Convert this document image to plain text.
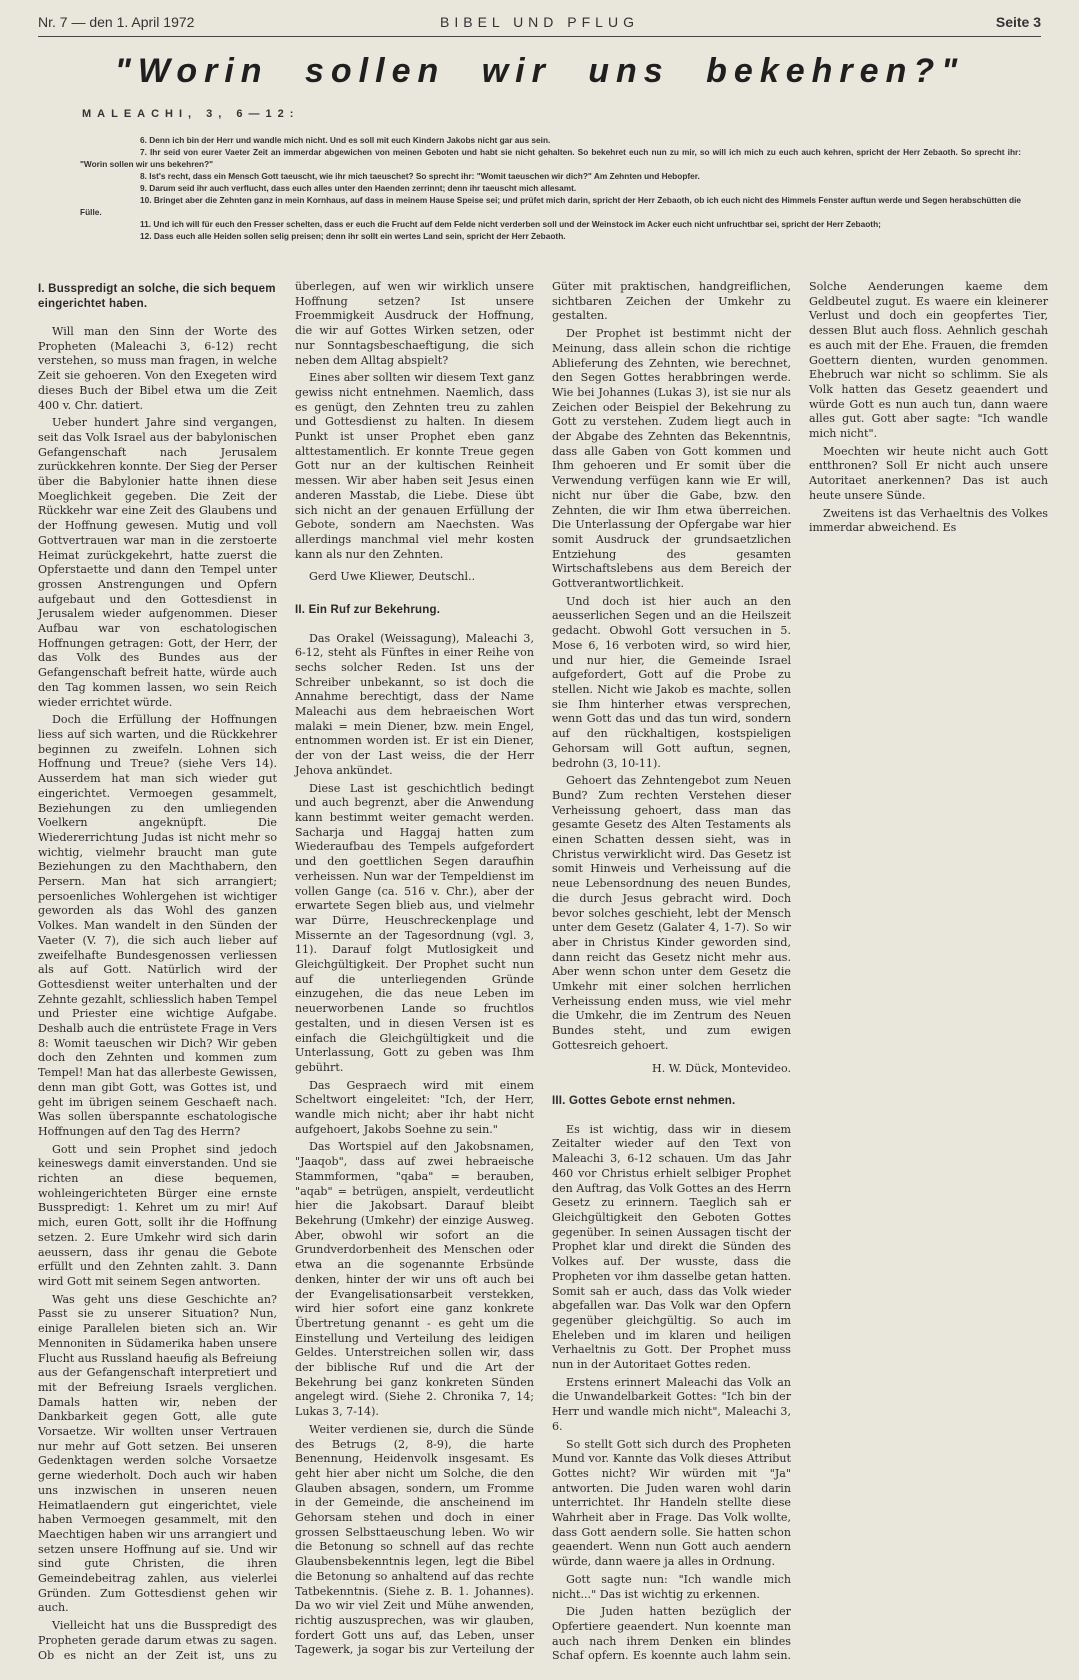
Nr. 7 — den 1. April 1972	BIBEL UND PFLUG	Seite 3
"Worin sollen wir uns bekehren?"
MALEACHI, 3, 6—12:

6. Denn ich bin der Herr und wandle mich nicht. Und es soll mit euch Kindern Jakobs nicht gar aus sein.

7. Ihr seid von eurer Vaeter Zeit an immerdar abgewichen von meinen Geboten und habt sie nicht gehalten. So bekehret euch nun zu mir, so will ich mich zu euch auch kehren, spricht der Herr Zebaoth. So sprecht ihr: "Worin sollen wir uns bekehren?"

8. Ist's recht, dass ein Mensch Gott taeuscht, wie ihr mich taeuschet? So sprecht ihr: "Womit taeuschen wir dich?" Am Zehnten und Hebopfer.

9. Darum seid ihr auch verflucht, dass euch alles unter den Haenden zerrinnt; denn ihr taeuscht mich allesamt.

10. Bringet aber die Zehnten ganz in mein Kornhaus, auf dass in meinem Hause Speise sei; und prüfet mich darin, spricht der Herr Zebaoth, ob ich euch nicht des Himmels Fenster auftun werde und Segen herabschütten die Fülle.

11. Und ich will für euch den Fresser schelten, dass er euch die Frucht auf dem Felde nicht verderben soll und der Weinstock im Acker euch nicht unfruchtbar sei, spricht der Herr Zebaoth;

12. Dass euch alle Heiden sollen selig preisen; denn ihr sollt ein wertes Land sein, spricht der Herr Zebaoth.

I. Busspredigt an solche, die sich bequem eingerichtet haben.

Will man den Sinn der Worte des Propheten (Maleachi 3, 6-12) recht verstehen, so muss man fragen, in welche Zeit sie gehoeren. Von den Exegeten wird dieses Buch der Bibel etwa um die Zeit 400 v. Chr. datiert.

Ueber hundert Jahre sind vergangen, seit das Volk Israel aus der babylonischen Gefangenschaft nach Jerusalem zurückkehren konnte. Der Sieg der Perser über die Babylonier hatte ihnen diese Moeglichkeit gegeben. Die Zeit der Rückkehr war eine Zeit des Glaubens und der Hoffnung gewesen. Mutig und voll Gottvertrauen war man in die zerstoerte Heimat zurückgekehrt, hatte zuerst die Opferstaette und dann den Tempel unter grossen Anstrengungen und Opfern aufgebaut und den Gottesdienst in Jerusalem wieder aufgenommen. Dieser Aufbau war von eschatologischen Hoffnungen getragen: Gott, der Herr, der das Volk des Bundes aus der Gefangenschaft befreit hatte, würde auch den Tag kommen lassen, wo sein Reich wieder errichtet würde.

Doch die Erfüllung der Hoffnungen liess auf sich warten, und die Rückkehrer beginnen zu zweifeln. Lohnen sich Hoffnung und Treue? (siehe Vers 14). Ausserdem hat man sich wieder gut eingerichtet. Vermoegen gesammelt, Beziehungen zu den umliegenden Voelkern angeknüpft. Die Wiedererrichtung Judas ist nicht mehr so wichtig, vielmehr braucht man gute Beziehungen zu den Machthabern, den Persern. Man hat sich arrangiert; persoenliches Wohlergehen ist wichtiger geworden als das Wohl des ganzen Volkes. Man wandelt in den Sünden der Vaeter (V. 7), die sich auch lieber auf zweifelhafte Bundesgenossen verliessen als auf Gott. Natürlich wird der Gottesdienst weiter unterhalten und der Zehnte gezahlt, schliesslich haben Tempel und Priester eine wichtige Aufgabe. Deshalb auch die entrüstete Frage in Vers 8: Womit taeuschen wir Dich? Wir geben doch den Zehnten und kommen zum Tempel! Man hat das allerbeste Gewissen, denn man gibt Gott, was Gottes ist, und geht im übrigen seinem Geschaeft nach. Was sollen überspannte eschatologische Hoffnungen auf den Tag des Herrn?

Gott und sein Prophet sind jedoch keineswegs damit einverstanden. Und sie richten an diese bequemen, wohleingerichteten Bürger eine ernste Busspredigt: 1. Kehret um zu mir! Auf mich, euren Gott, sollt ihr die Hoffnung setzen. 2. Eure Umkehr wird sich darin aeussern, dass ihr genau die Gebote erfüllt und den Zehnten zahlt. 3. Dann wird Gott mit seinem Segen antworten.

Was geht uns diese Geschichte an? Passt sie zu unserer Situation? Nun, einige Parallelen bieten sich an. Wir Mennoniten in Südamerika haben unsere Flucht aus Russland haeufig als Befreiung aus der Gefangenschaft interpretiert und mit der Befreiung Israels verglichen. Damals hatten wir, neben der Dankbarkeit gegen Gott, alle gute Vorsaetze. Wir wollten unser Vertrauen nur mehr auf Gott setzen. Bei unseren Gedenktagen werden solche Vorsaetze gerne wiederholt. Doch auch wir haben uns inzwischen in unseren neuen Heimatlaendern gut eingerichtet, viele haben Vermoegen gesammelt, mit den Maechtigen haben wir uns arrangiert und setzen unsere Hoffnung auf sie. Und wir sind gute Christen, die ihren Gemeindebeitrag zahlen, aus vielerlei Gründen. Zum Gottesdienst gehen wir auch.

Vielleicht hat uns die Busspredigt des Propheten gerade darum etwas zu sagen. Ob es nicht an der Zeit ist, uns zu überlegen, auf wen wir wirklich unsere Hoffnung setzen? Ist unsere Froemmigkeit Ausdruck der Hoffnung, die wir auf Gottes Wirken setzen, oder nur Sonntagsbeschaeftigung, die sich neben dem Alltag abspielt?

Eines aber sollten wir diesem Text ganz gewiss nicht entnehmen. Naemlich, dass es genügt, den Zehnten treu zu zahlen und Gottesdienst zu halten. In diesem Punkt ist unser Prophet eben ganz alttestamentlich. Er konnte Treue gegen Gott nur an der kultischen Reinheit messen. Wir aber haben seit Jesus einen anderen Masstab, die Liebe. Diese übt sich nicht an der genauen Erfüllung der Gebote, sondern am Naechsten. Was allerdings manchmal viel mehr kosten kann als nur den Zehnten.

Gerd Uwe Kliewer, Deutschl..

II. Ein Ruf zur Bekehrung.

Das Orakel (Weissagung), Maleachi 3, 6-12, steht als Fünftes in einer Reihe von sechs solcher Reden. Ist uns der Schreiber unbekannt, so ist doch die Annahme berechtigt, dass der Name Maleachi aus dem hebraeischen Wort malaki = mein Diener, bzw. mein Engel, entnommen worden ist. Er ist ein Diener, der von der Last weiss, die der Herr Jehova ankündet.

Diese Last ist geschichtlich bedingt und auch begrenzt, aber die Anwendung kann bestimmt weiter gemacht werden. Sacharja und Haggaj hatten zum Wiederaufbau des Tempels aufgefordert und den goettlichen Segen daraufhin verheissen. Nun war der Tempeldienst im vollen Gange (ca. 516 v. Chr.), aber der erwartete Segen blieb aus, und vielmehr war Dürre, Heuschreckenplage und Missernte an der Tagesordnung (vgl. 3, 11). Darauf folgt Mutlosigkeit und Gleichgültigkeit. Der Prophet sucht nun auf die unterliegenden Gründe einzugehen, die das neue Leben im neuerworbenen Lande so fruchtlos gestalten, und in diesen Versen ist es einfach die Gleichgültigkeit und die Unterlassung, Gott zu geben was Ihm gebührt.

Das Gespraech wird mit einem Scheltwort eingeleitet: "Ich, der Herr, wandle mich nicht; aber ihr habt nicht aufgehoert, Jakobs Soehne zu sein."

Das Wortspiel auf den Jakobsnamen, "Jaaqob", dass auf zwei hebraeische Stammformen, "qaba" = berauben, "aqab" = betrügen, anspielt, verdeutlicht hier die Jakobsart. Darauf bleibt Bekehrung (Umkehr) der einzige Ausweg. Aber, obwohl wir sofort an die Grundverdorbenheit des Menschen oder etwa an die sogenannte Erbsünde denken, hinter der wir uns oft auch bei der Evangelisationsarbeit verstekken, wird hier sofort eine ganz konkrete Übertretung genannt - es geht um die Einstellung und Verteilung des leidigen Geldes. Unterstreichen sollen wir, dass der biblische Ruf und die Art der Bekehrung bei ganz konkreten Sünden angelegt wird. (Siehe 2. Chronika 7, 14; Lukas 3, 7-14).

Weiter verdienen sie, durch die Sünde des Betrugs (2, 8-9), die harte Benennung, Heidenvolk insgesamt. Es geht hier aber nicht um Solche, die den Glauben absagen, sondern, um Fromme in der Gemeinde, die anscheinend im Gehorsam stehen und doch in einer grossen Selbsttaeuschung leben. Wo wir die Betonung so schnell auf das rechte Glaubensbekenntnis legen, legt die Bibel die Betonung so anhaltend auf das rechte Tatbekenntnis. (Siehe z. B. 1. Johannes). Da wo wir viel Zeit und Mühe anwenden, richtig auszusprechen, was wir glauben, fordert Gott uns auf, das Leben, unser Tagewerk, ja sogar bis zur Verteilung der Güter mit praktischen, handgreiflichen, sichtbaren Zeichen der Umkehr zu gestalten.

Der Prophet ist bestimmt nicht der Meinung, dass allein schon die richtige Ablieferung des Zehnten, wie berechnet, den Segen Gottes herabbringen werde. Wie bei Johannes (Lukas 3), ist sie nur als Zeichen oder Beispiel der Bekehrung zu Gott zu verstehen. Zudem liegt auch in der Abgabe des Zehnten das Bekenntnis, dass alle Gaben von Gott kommen und Ihm gehoeren und Er somit über die Verwendung verfügen kann wie Er will, nicht nur über die Gabe, bzw. den Zehnten, die wir Ihm etwa überreichen. Die Unterlassung der Opfergabe war hier somit Ausdruck der grundsaetzlichen Entziehung des gesamten Wirtschaftslebens aus dem Bereich der Gottverantwortlichkeit.

Und doch ist hier auch an den aeusserlichen Segen und an die Heilszeit gedacht. Obwohl Gott versuchen in 5. Mose 6, 16 verboten wird, so wird hier, und nur hier, die Gemeinde Israel aufgefordert, Gott auf die Probe zu stellen. Nicht wie Jakob es machte, sollen sie Ihm hinterher etwas versprechen, wenn Gott das und das tun wird, sondern auf den rückhaltigen, kostspieligen Gehorsam will Gott auftun, segnen, bedrohn (3, 10-11).

Gehoert das Zehntengebot zum Neuen Bund? Zum rechten Verstehen dieser Verheissung gehoert, dass man das gesamte Gesetz des Alten Testaments als einen Schatten dessen sieht, was in Christus verwirklicht wird. Das Gesetz ist somit Hinweis und Verheissung auf die neue Lebensordnung des neuen Bundes, die durch Jesus gebracht wird. Doch bevor solches geschieht, lebt der Mensch unter dem Gesetz (Galater 4, 1-7). So wir aber in Christus Kinder geworden sind, dann reicht das Gesetz nicht mehr aus. Aber wenn schon unter dem Gesetz die Umkehr mit einer solchen herrlichen Verheissung enden muss, wie viel mehr die Umkehr, die im Zentrum des Neuen Bundes steht, und zum ewigen Gottesreich gehoert.

H. W. Dück, Montevideo.

III. Gottes Gebote ernst nehmen.

Es ist wichtig, dass wir in diesem Zeitalter wieder auf den Text von Maleachi 3, 6-12 schauen. Um das Jahr 460 vor Christus erhielt selbiger Prophet den Auftrag, das Volk Gottes an des Herrn Gesetz zu erinnern. Taeglich sah er Gleichgültigkeit den Geboten Gottes gegenüber. In seinen Aussagen tischt der Prophet klar und direkt die Sünden des Volkes auf. Der wusste, dass die Propheten vor ihm dasselbe getan hatten. Somit sah er auch, dass das Volk wieder abgefallen war. Das Volk war den Opfern gegenüber gleichgültig. So auch im Eheleben und im klaren und heiligen Verhaeltnis zu Gott. Der Prophet muss nun in der Autoritaet Gottes reden.

Erstens erinnert Maleachi das Volk an die Unwandelbarkeit Gottes: "Ich bin der Herr und wandle mich nicht", Maleachi 3, 6.

So stellt Gott sich durch des Propheten Mund vor. Kannte das Volk dieses Attribut Gottes nicht? Wir würden mit "Ja" antworten. Die Juden waren wohl darin unterrichtet. Ihr Handeln stellte diese Wahrheit aber in Frage. Das Volk wollte, dass Gott aendern solle. Sie hatten schon geaendert. Wenn nun Gott auch aendern würde, dann waere ja alles in Ordnung.

Gott sagte nun: "Ich wandle mich nicht..." Das ist wichtig zu erkennen.

Die Juden hatten bezüglich der Opfertiere geaendert. Nun koennte man auch nach ihrem Denken ein blindes Schaf opfern. Es koennte auch lahm sein. Solche Aenderungen kaeme dem Geldbeutel zugut. Es waere ein kleinerer Verlust und doch ein geopfertes Tier, dessen Blut auch floss. Aehnlich geschah es auch mit der Ehe. Frauen, die fremden Goettern dienten, wurden genommen. Ehebruch war nicht so schlimm. Sie als Volk hatten das Gesetz geaendert und würde Gott es nun auch tun, dann waere alles gut. Gott aber sagte: "Ich wandle mich nicht".

Moechten wir heute nicht auch Gott entthronen? Soll Er nicht auch unsere Autoritaet anerkennen? Das ist auch heute unsere Sünde.

Zweitens ist das Verhaeltnis des Volkes immerdar abweichend. Es
